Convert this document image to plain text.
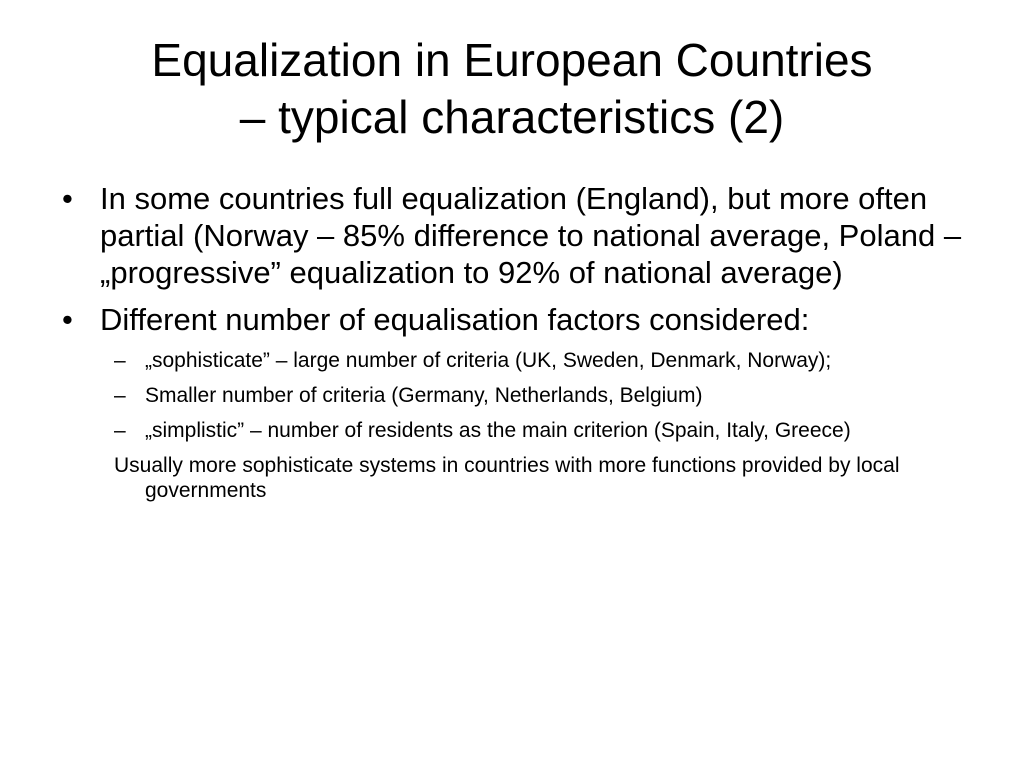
Equalization in European Countries
– typical characteristics (2)
• In some countries full equalization (England), but more often partial (Norway – 85% difference to national average, Poland – „progressive” equalization to 92% of national average)
• Different number of equalisation factors considered:
– „sophisticate” – large number of criteria (UK, Sweden, Denmark, Norway);
– Smaller number of criteria (Germany, Netherlands, Belgium)
– „simplistic” – number of residents as the main criterion (Spain, Italy, Greece)

Usually more sophisticate systems in countries with more functions provided by local governments
